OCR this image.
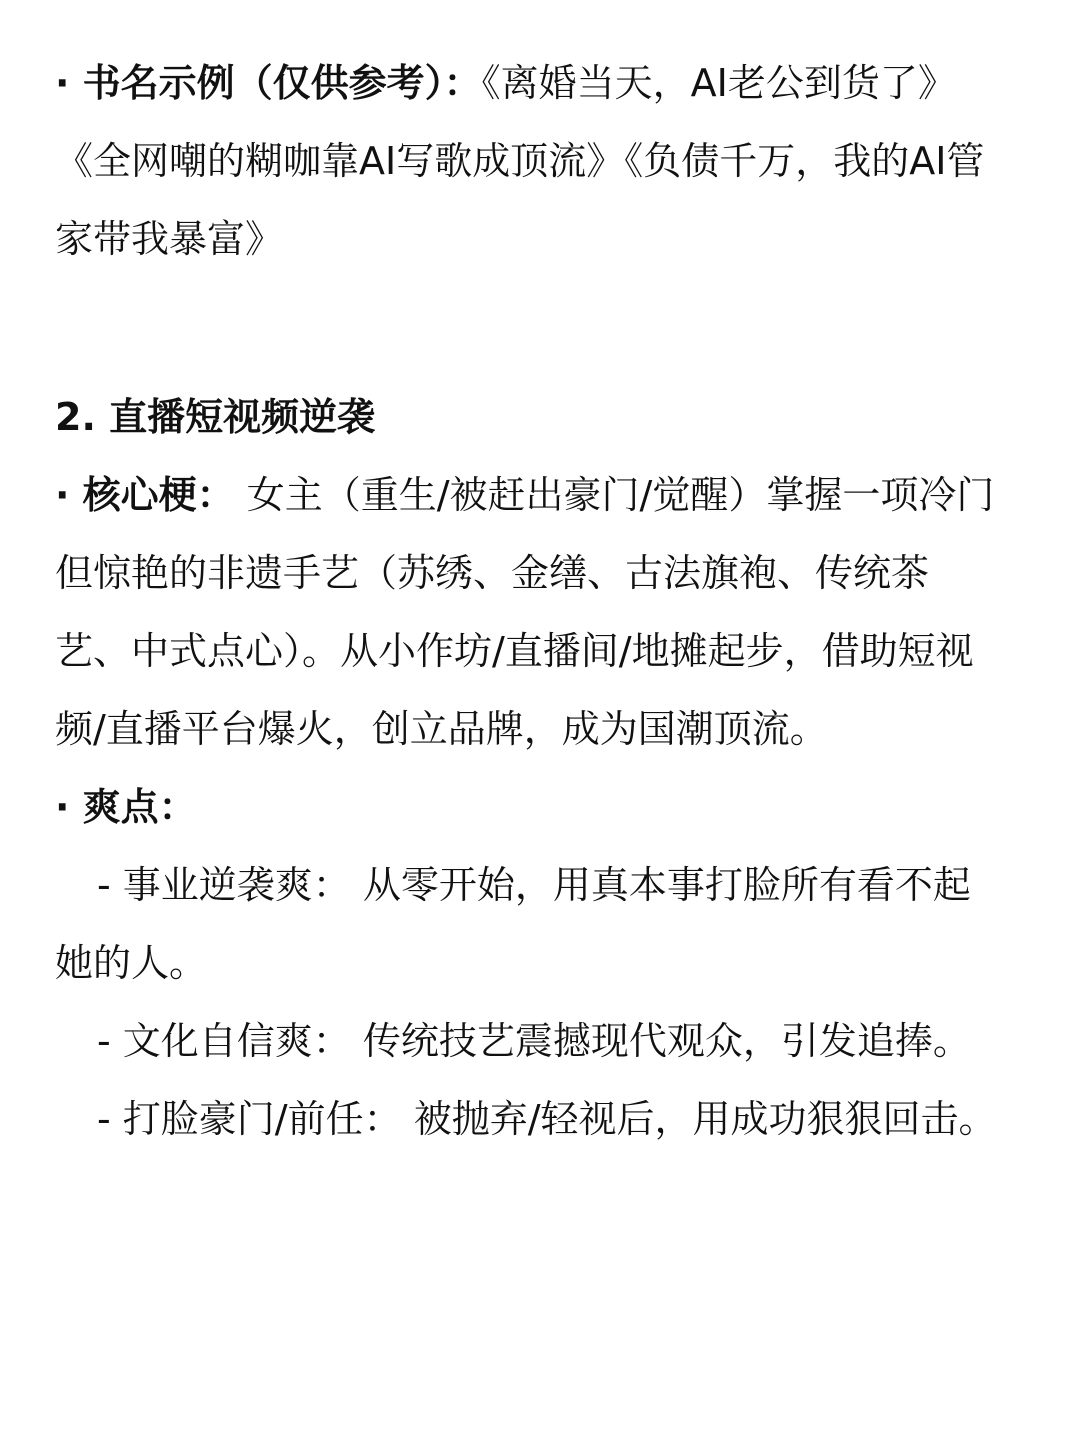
· 书名示例（仅供参考）：《离婚当天，AI老公到货了》《全网嘲的糊咖靠AI写歌成顶流》《负债千万，我的AI管家带我暴富》

2. 直播短视频逆袭

· 核心梗： 女主（重生/被赶出豪门/觉醒）掌握一项冷门但惊艳的非遗手艺（苏绣、金缮、古法旗袍、传统茶艺、中式点心）。从小作坊/直播间/地摊起步，借助短视频/直播平台爆火，创立品牌，成为国潮顶流。

· 爽点：

- 事业逆袭爽： 从零开始，用真本事打脸所有看不起她的人。

- 文化自信爽： 传统技艺震撼现代观众，引发追捧。

- 打脸豪门/前任： 被抛弃/轻视后，用成功狠狠回击。
